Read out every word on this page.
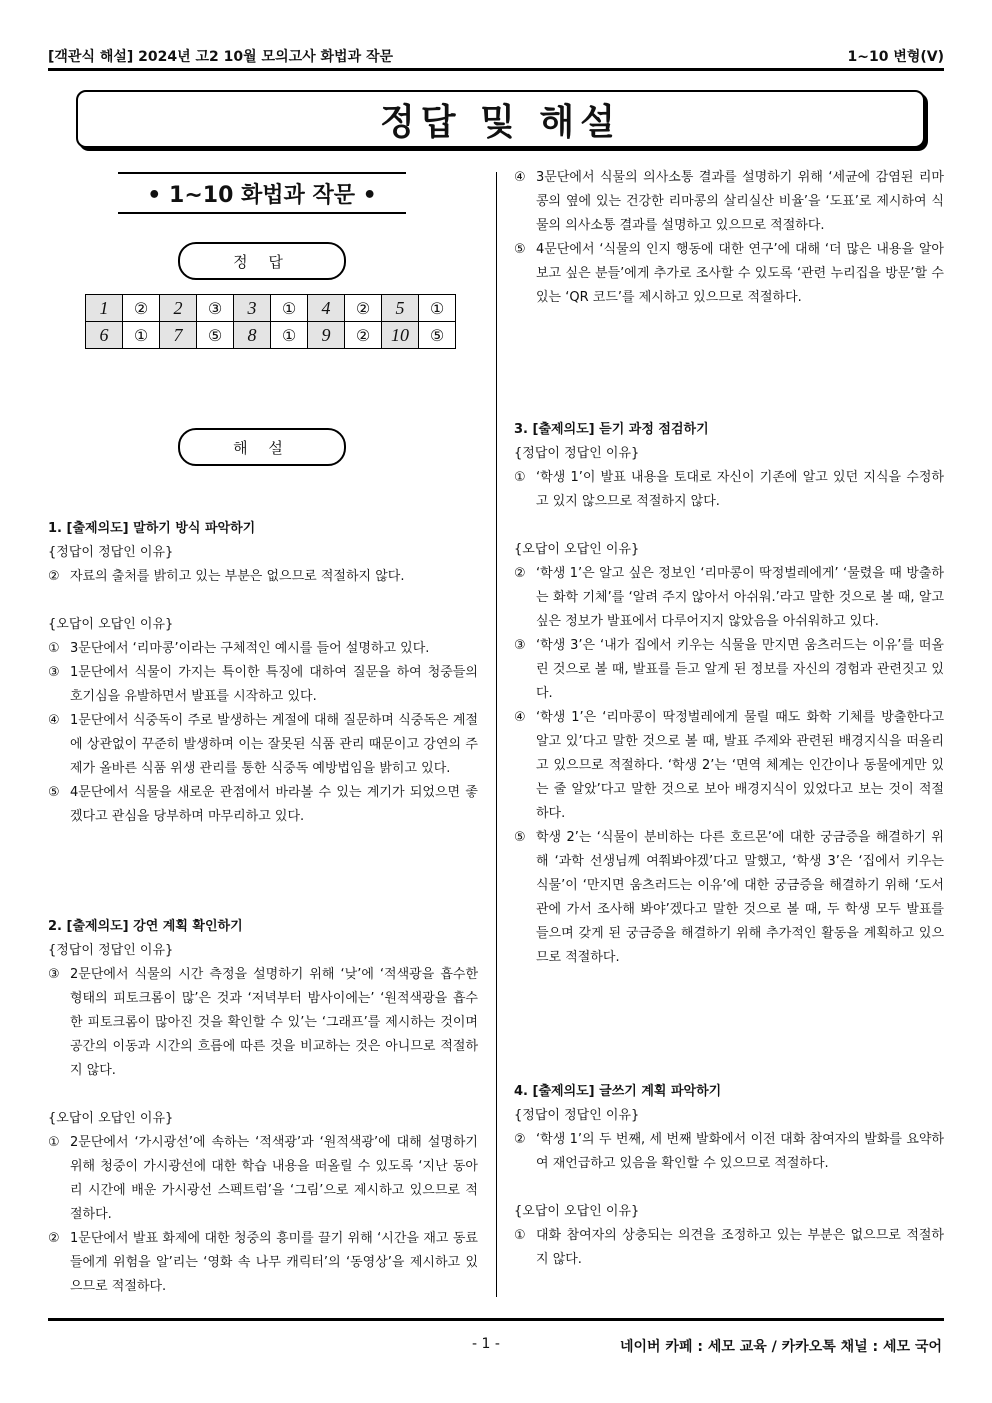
[객관식 해설] 2024년 고2 10월 모의고사 화법과 작문	1~10 변형(V)
정답 및 해설
• 1~10 화법과 작문 •
정 답
1	②	2	③	3	①	4	②	5	①
6	①	7	⑤	8	①	9	②	10	⑤
해 설

1. [출제의도] 말하기 방식 파악하기

{정답이 정답인 이유}

② 자료의 출처를 밝히고 있는 부분은 없으므로 적절하지 않다.

{오답이 오답인 이유}

① 3문단에서 ‘리마콩’이라는 구체적인 예시를 들어 설명하고 있다.

③ 1문단에서 식물이 가지는 특이한 특징에 대하여 질문을 하여 청중들의 호기심을 유발하면서 발표를 시작하고 있다.

④ 1문단에서 식중독이 주로 발생하는 계절에 대해 질문하며 식중독은 계절에 상관없이 꾸준히 발생하며 이는 잘못된 식품 관리 때문이고 강연의 주제가 올바른 식품 위생 관리를 통한 식중독 예방법임을 밝히고 있다.

⑤ 4문단에서 식물을 새로운 관점에서 바라볼 수 있는 계기가 되었으면 좋겠다고 관심을 당부하며 마무리하고 있다.

2. [출제의도] 강연 계획 확인하기

{정답이 정답인 이유}

③ 2문단에서 식물의 시간 측정을 설명하기 위해 ‘낮’에 ‘적색광을 흡수한 형태의 피토크롬이 많’은 것과 ‘저녁부터 밤사이에는’ ‘원적색광을 흡수한 피토크롬이 많아진 것을 확인할 수 있’는 ‘그래프’를 제시하는 것이며 공간의 이동과 시간의 흐름에 따른 것을 비교하는 것은 아니므로 적절하지 않다.

{오답이 오답인 이유}

① 2문단에서 ‘가시광선’에 속하는 ‘적색광’과 ‘원적색광’에 대해 설명하기 위해 청중이 가시광선에 대한 학습 내용을 떠올릴 수 있도록 ‘지난 동아리 시간에 배운 가시광선 스펙트럼’을 ‘그림’으로 제시하고 있으므로 적절하다.

② 1문단에서 발표 화제에 대한 청중의 흥미를 끌기 위해 ‘시간을 재고 동료들에게 위험을 알’리는 ‘영화 속 나무 캐릭터’의 ‘동영상’을 제시하고 있으므로 적절하다.

④ 3문단에서 식물의 의사소통 결과를 설명하기 위해 ‘세균에 감염된 리마콩의 옆에 있는 건강한 리마콩의 살리실산 비율’을 ‘도표’로 제시하여 식물의 의사소통 결과를 설명하고 있으므로 적절하다.

⑤ 4문단에서 ‘식물의 인지 행동에 대한 연구’에 대해 ‘더 많은 내용을 알아보고 싶은 분들’에게 추가로 조사할 수 있도록 ‘관련 누리집을 방문’할 수 있는 ‘QR 코드’를 제시하고 있으므로 적절하다.

3. [출제의도] 듣기 과정 점검하기

{정답이 정답인 이유}

① ‘학생 1’이 발표 내용을 토대로 자신이 기존에 알고 있던 지식을 수정하고 있지 않으므로 적절하지 않다.

{오답이 오답인 이유}

② ‘학생 1’은 알고 싶은 정보인 ‘리마콩이 딱정벌레에게’ ‘물렸을 때 방출하는 화학 기체’를 ‘알려 주지 않아서 아쉬워.’라고 말한 것으로 볼 때, 알고 싶은 정보가 발표에서 다루어지지 않았음을 아쉬워하고 있다.

③ ‘학생 3’은 ‘내가 집에서 키우는 식물을 만지면 움츠러드는 이유’를 떠올린 것으로 볼 때, 발표를 듣고 알게 된 정보를 자신의 경험과 관련짓고 있다.

④ ‘학생 1’은 ‘리마콩이 딱정벌레에게 물릴 때도 화학 기체를 방출한다고 알고 있’다고 말한 것으로 볼 때, 발표 주제와 관련된 배경지식을 떠올리고 있으므로 적절하다. ‘학생 2’는 ‘면역 체계는 인간이나 동물에게만 있는 줄 알았’다고 말한 것으로 보아 배경지식이 있었다고 보는 것이 적절하다.

⑤ 학생 2’는 ‘식물이 분비하는 다른 호르몬’에 대한 궁금증을 해결하기 위해 ‘과학 선생님께 여쭤봐야겠’다고 말했고, ‘학생 3’은 ‘집에서 키우는 식물’이 ‘만지면 움츠러드는 이유’에 대한 궁금증을 해결하기 위해 ‘도서관에 가서 조사해 봐야’겠다고 말한 것으로 볼 때, 두 학생 모두 발표를 들으며 갖게 된 궁금증을 해결하기 위해 추가적인 활동을 계획하고 있으므로 적절하다.

4. [출제의도] 글쓰기 계획 파악하기

{정답이 정답인 이유}

② ‘학생 1’의 두 번째, 세 번째 발화에서 이전 대화 참여자의 발화를 요약하여 재언급하고 있음을 확인할 수 있으므로 적절하다.

{오답이 오답인 이유}

① 대화 참여자의 상충되는 의견을 조정하고 있는 부분은 없으므로 적절하지 않다.

- 1 -	네이버 카페 : 세모 교육 / 카카오톡 채널 : 세모 국어
